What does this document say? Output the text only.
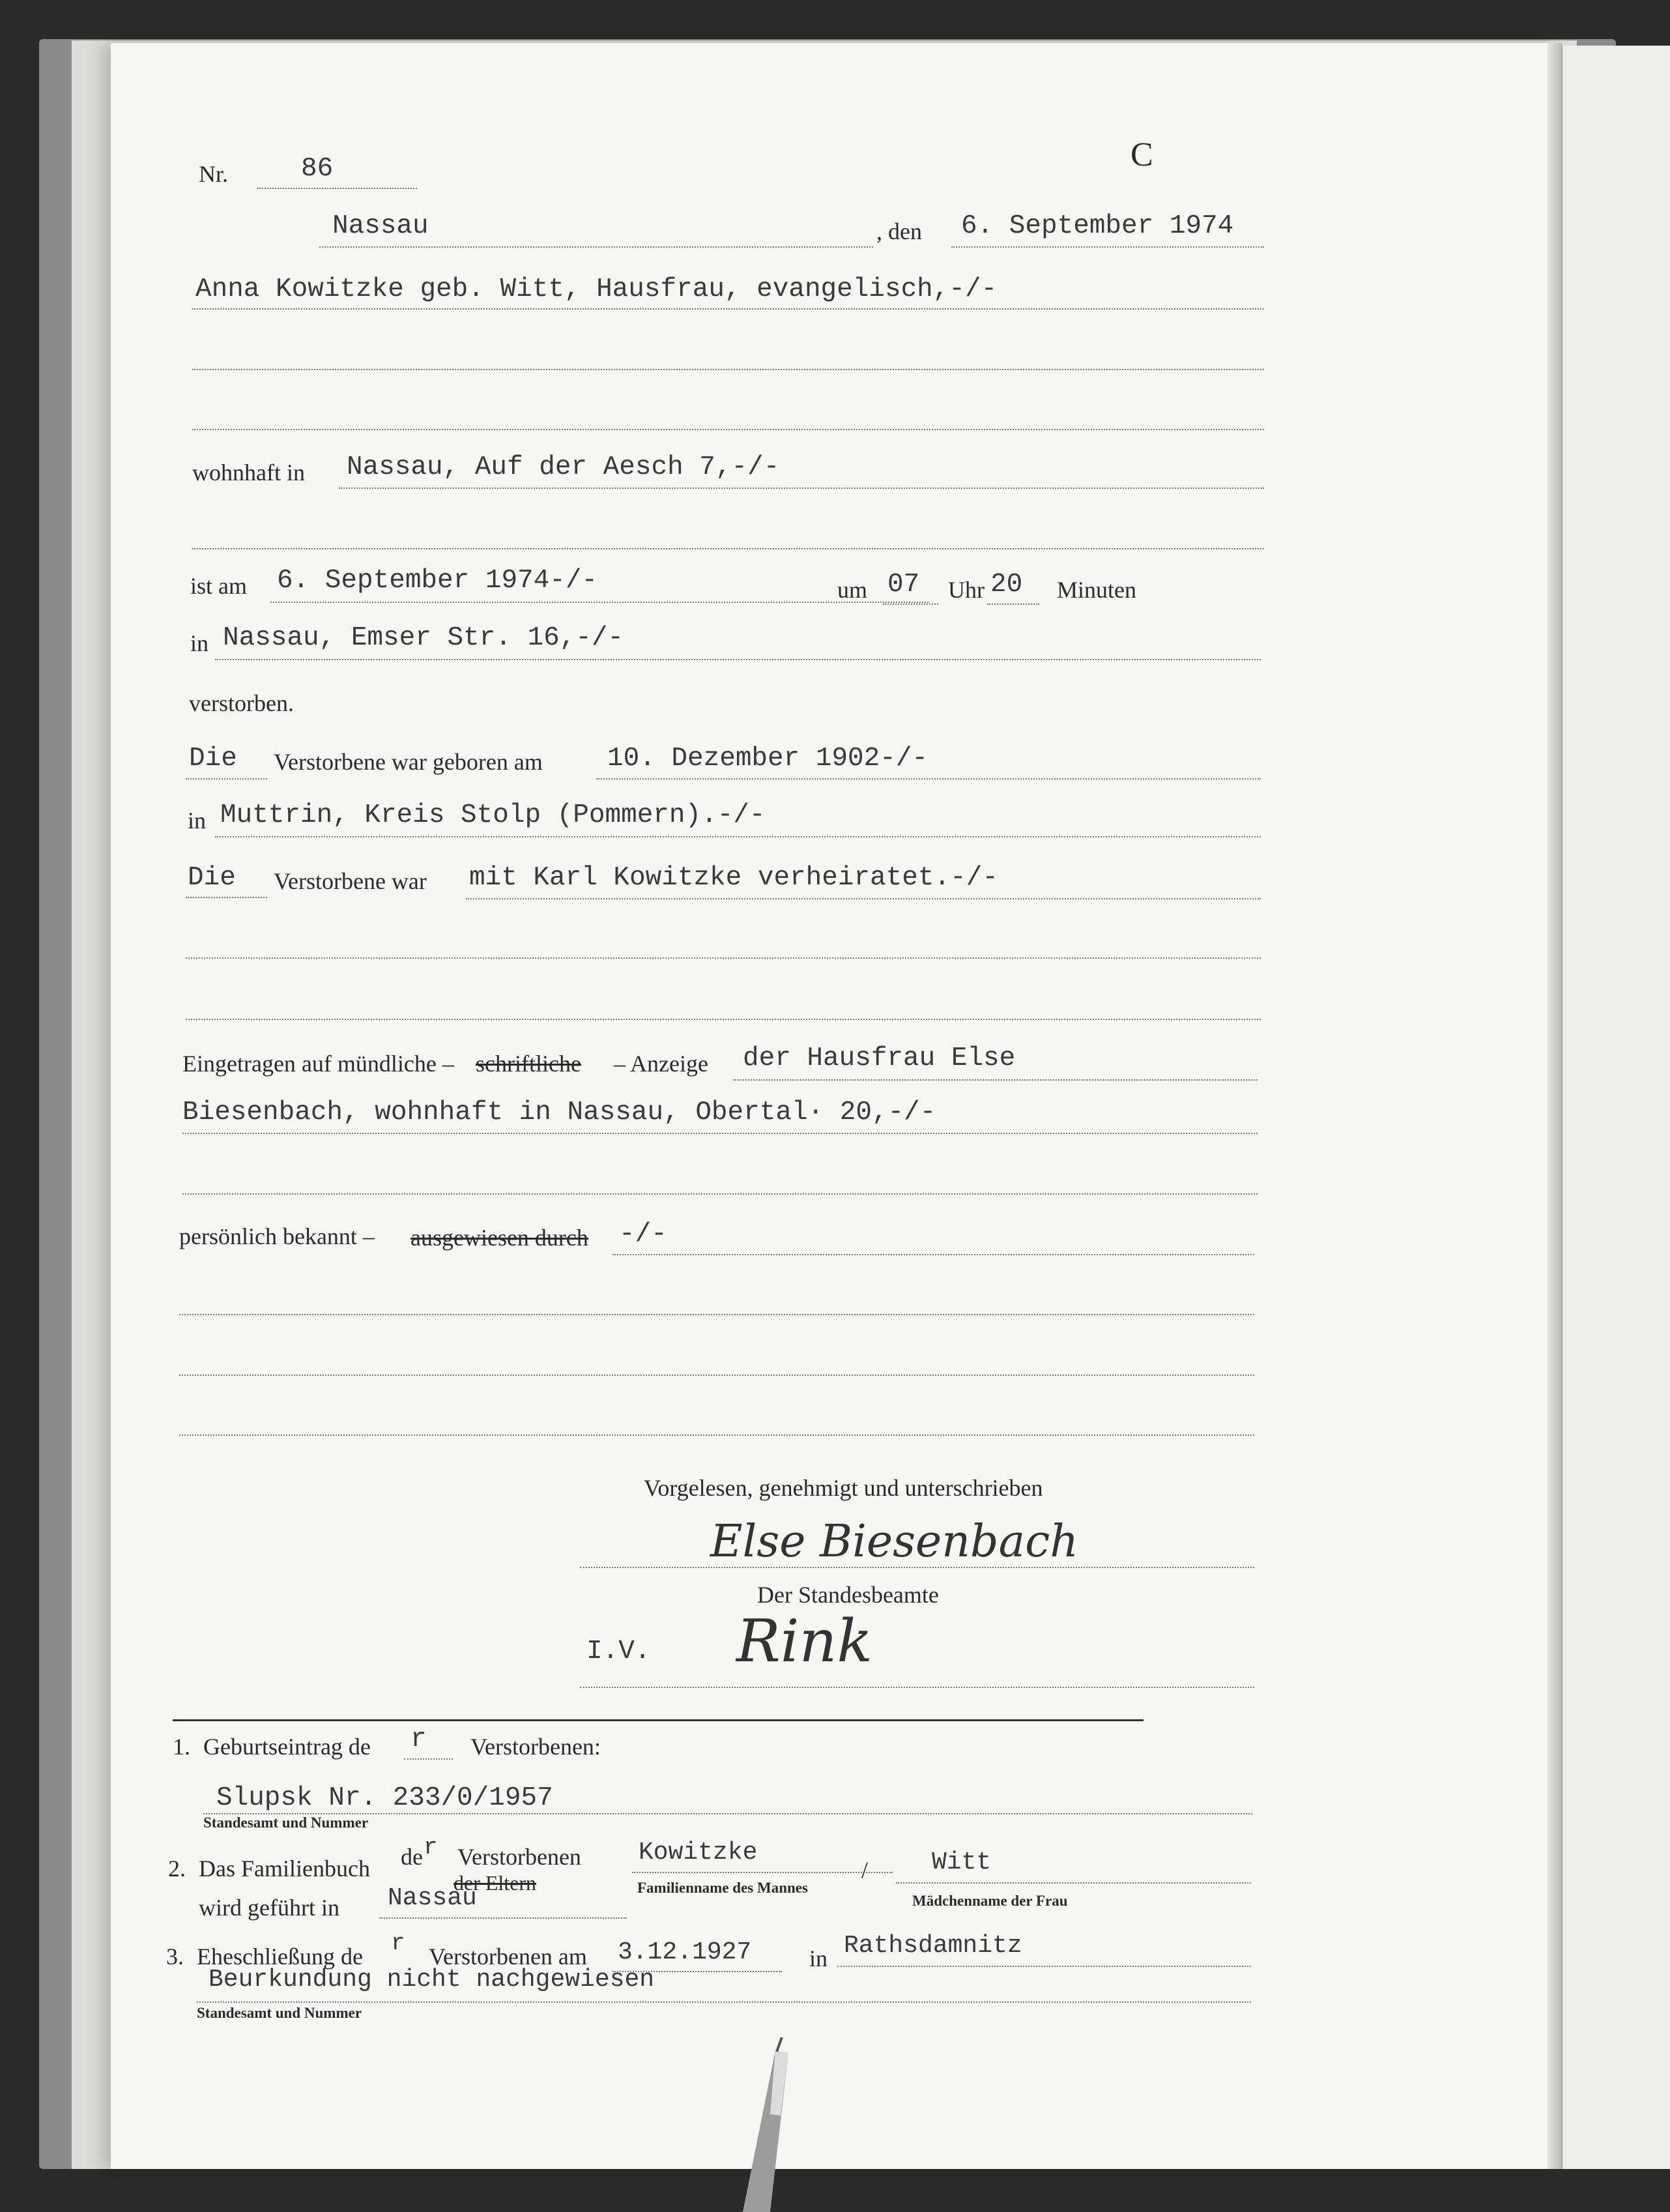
Nr.	86	C
Nassau	, den 6. September 1974
Anna Kowitzke geb. Witt, Hausfrau, evangelisch,-/-
wohnhaft in Nassau, Auf der Aesch 7,-/-
ist am 6. September 1974-/-	um 07 Uhr 20 Minuten
in Nassau, Emser Str. 16,-/-
verstorben.
Die Verstorbene war geboren am 10. Dezember 1902-/-
in Muttrin, Kreis Stolp (Pommern).-/-
Die Verstorbene war mit Karl Kowitzke verheiratet.-/-
Eingetragen auf mündliche – schriftliche – Anzeige der Hausfrau Else
Biesenbach, wohnhaft in Nassau, Obertal· 20,-/-
persönlich bekannt – ausgewiesen durch -/-
Vorgelesen, genehmigt und unterschrieben
Else Biesenbach
Der Standesbeamte
I.V. Rink
1. Geburtseintrag de r Verstorbenen:
Slupsk Nr. 233/0/1957
Standesamt und Nummer
2. Das Familienbuch de r Verstorbenen
der Eltern
Kowitzke
Familienname des Mannes
/	Witt
Mädchenname der Frau
wird geführt in Nassau
3. Eheschließung de r Verstorbenen am 3.12.1927 in Rathsdamnitz
Beurkundung nicht nachgewiesen
Standesamt und Nummer
